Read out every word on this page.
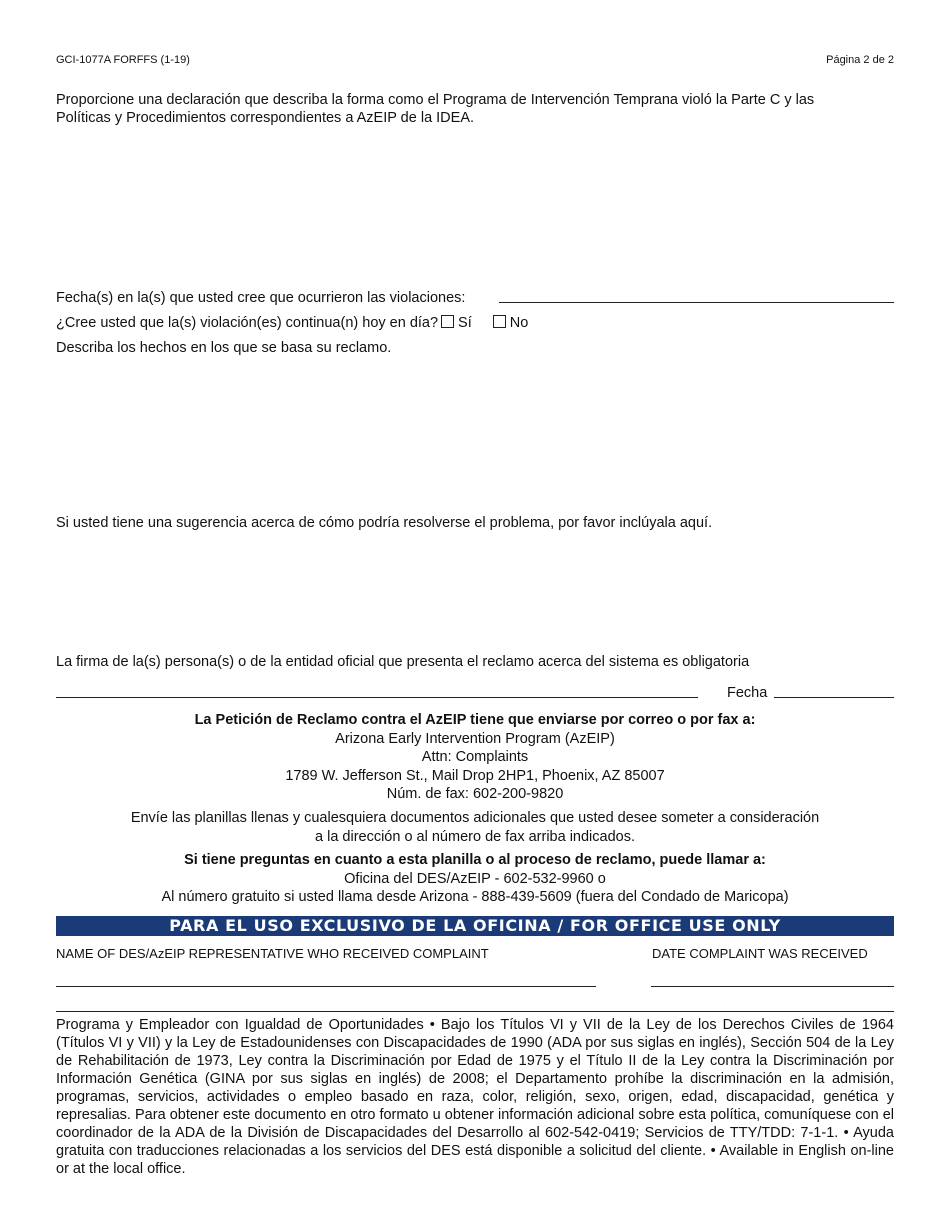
GCI-1077A FORFFS (1-19)	Página 2 de 2
Proporcione una declaración que describa la forma como el Programa de Intervención Temprana violó la Parte C y las
Políticas y Procedimientos correspondientes a AzEIP de la IDEA.
Fecha(s) en la(s) que usted cree que ocurrieron las violaciones:
¿Cree usted que la(s) violación(es) continua(n) hoy en día? Sí	No
Describa los hechos en los que se basa su reclamo.
Si usted tiene una sugerencia acerca de cómo podría resolverse el problema, por favor inclúyala aquí.
La firma de la(s) persona(s) o de la entidad oficial que presenta el reclamo acerca del sistema es obligatoria
Fecha
La Petición de Reclamo contra el AzEIP tiene que enviarse por correo o por fax a:
Arizona Early Intervention Program (AzEIP)
Attn: Complaints
1789 W. Jefferson St., Mail Drop 2HP1, Phoenix, AZ 85007
Núm. de fax: 602-200-9820
Envíe las planillas llenas y cualesquiera documentos adicionales que usted desee someter a consideración
a la dirección o al número de fax arriba indicados.
Si tiene preguntas en cuanto a esta planilla o al proceso de reclamo, puede llamar a:
Oficina del DES/AzEIP - 602-532-9960 o
Al número gratuito si usted llama desde Arizona - 888-439-5609 (fuera del Condado de Maricopa)
PARA EL USO EXCLUSIVO DE LA OFICINA / FOR OFFICE USE ONLY
NAME OF DES/AzEIP REPRESENTATIVE WHO RECEIVED COMPLAINT	DATE COMPLAINT WAS RECEIVED
Programa y Empleador con Igualdad de Oportunidades • Bajo los Títulos VI y VII de la Ley de los Derechos Civiles de 1964 (Títulos VI y VII) y la Ley de Estadounidenses con Discapacidades de 1990 (ADA por sus siglas en inglés), Sección 504 de la Ley de Rehabilitación de 1973, Ley contra la Discriminación por Edad de 1975 y el Título II de la Ley contra la Discriminación por Información Genética (GINA por sus siglas en inglés) de 2008; el Departamento prohíbe la discriminación en la admisión, programas, servicios, actividades o empleo basado en raza, color, religión, sexo, origen, edad, discapacidad, genética y represalias. Para obtener este documento en otro formato u obtener información adicional sobre esta política, comuníquese con el coordinador de la ADA de la División de Discapacidades del Desarrollo al 602-542-0419; Servicios de TTY/TDD: 7-1-1. • Ayuda gratuita con traducciones relacionadas a los servicios del DES está disponible a solicitud del cliente. • Available in English on-line or at the local office.
